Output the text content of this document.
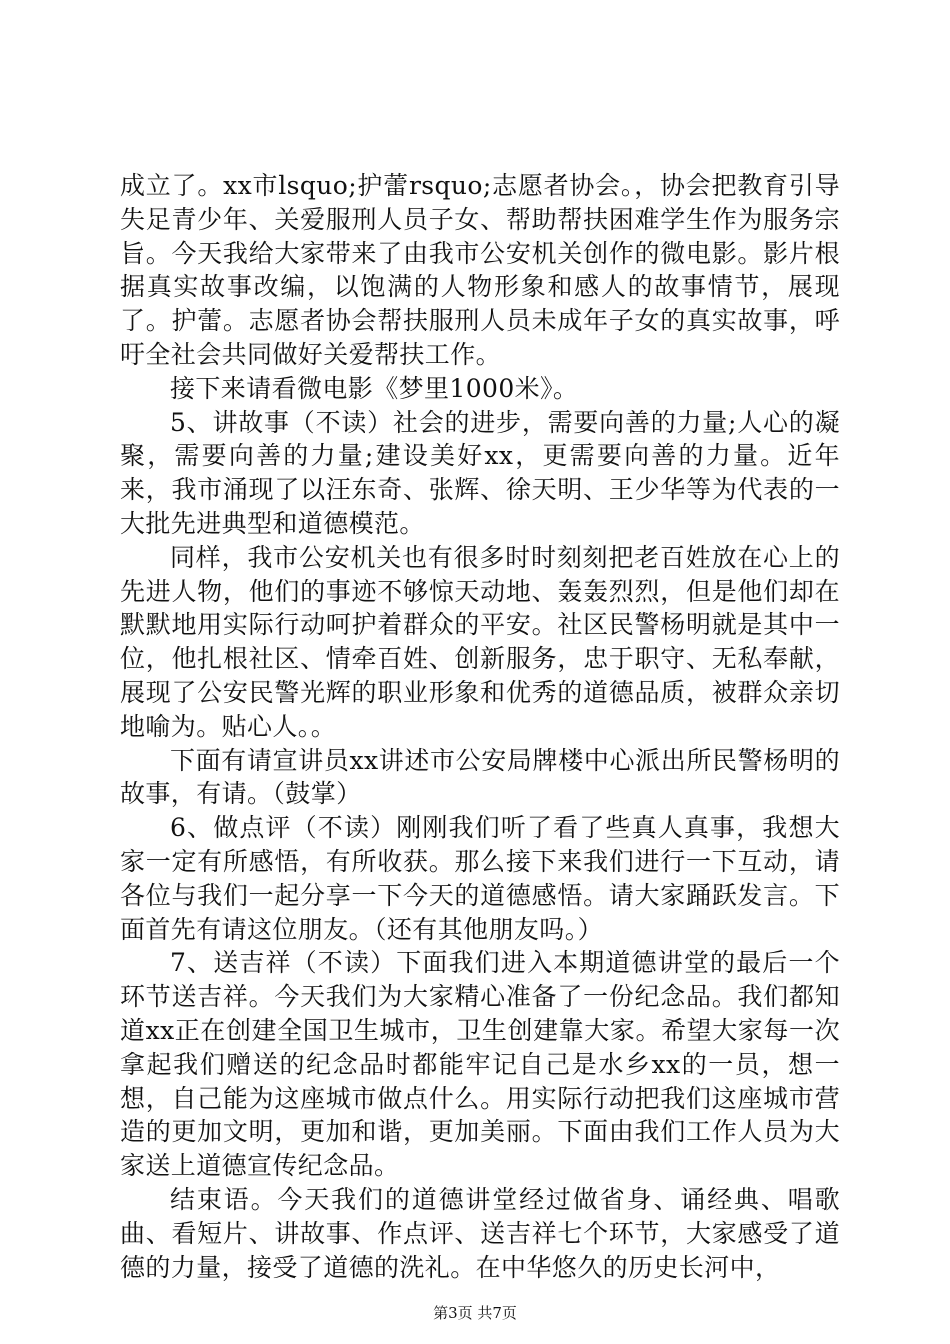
成立了。xx市lsquo;护蕾rsquo;志愿者协会。，协会把教育引导失足青少年、关爱服刑人员子女、帮助帮扶困难学生作为服务宗旨。今天我给大家带来了由我市公安机关创作的微电影。影片根据真实故事改编，以饱满的人物形象和感人的故事情节，展现了。护蕾。志愿者协会帮扶服刑人员未成年子女的真实故事，呼吁全社会共同做好关爱帮扶工作。

接下来请看微电影《梦里1000米》。

5、讲故事（不读）社会的进步，需要向善的力量;人心的凝聚，需要向善的力量;建设美好xx，更需要向善的力量。近年来，我市涌现了以汪东奇、张辉、徐天明、王少华等为代表的一大批先进典型和道德模范。

同样，我市公安机关也有很多时时刻刻把老百姓放在心上的先进人物，他们的事迹不够惊天动地、轰轰烈烈，但是他们却在默默地用实际行动呵护着群众的平安。社区民警杨明就是其中一位，他扎根社区、情牵百姓、创新服务，忠于职守、无私奉献，展现了公安民警光辉的职业形象和优秀的道德品质，被群众亲切地喻为。贴心人。。

下面有请宣讲员xx讲述市公安局牌楼中心派出所民警杨明的故事，有请。（鼓掌）

6、做点评（不读）刚刚我们听了看了些真人真事，我想大家一定有所感悟，有所收获。那么接下来我们进行一下互动，请各位与我们一起分享一下今天的道德感悟。请大家踊跃发言。下面首先有请这位朋友。（还有其他朋友吗。）

7、送吉祥（不读）下面我们进入本期道德讲堂的最后一个环节送吉祥。今天我们为大家精心准备了一份纪念品。我们都知道xx正在创建全国卫生城市，卫生创建靠大家。希望大家每一次拿起我们赠送的纪念品时都能牢记自己是水乡xx的一员，想一想，自己能为这座城市做点什么。用实际行动把我们这座城市营造的更加文明，更加和谐，更加美丽。下面由我们工作人员为大家送上道德宣传纪念品。

结束语。今天我们的道德讲堂经过做省身、诵经典、唱歌曲、看短片、讲故事、作点评、送吉祥七个环节，大家感受了道德的力量，接受了道德的洗礼。在中华悠久的历史长河中，

第3页 共7页
